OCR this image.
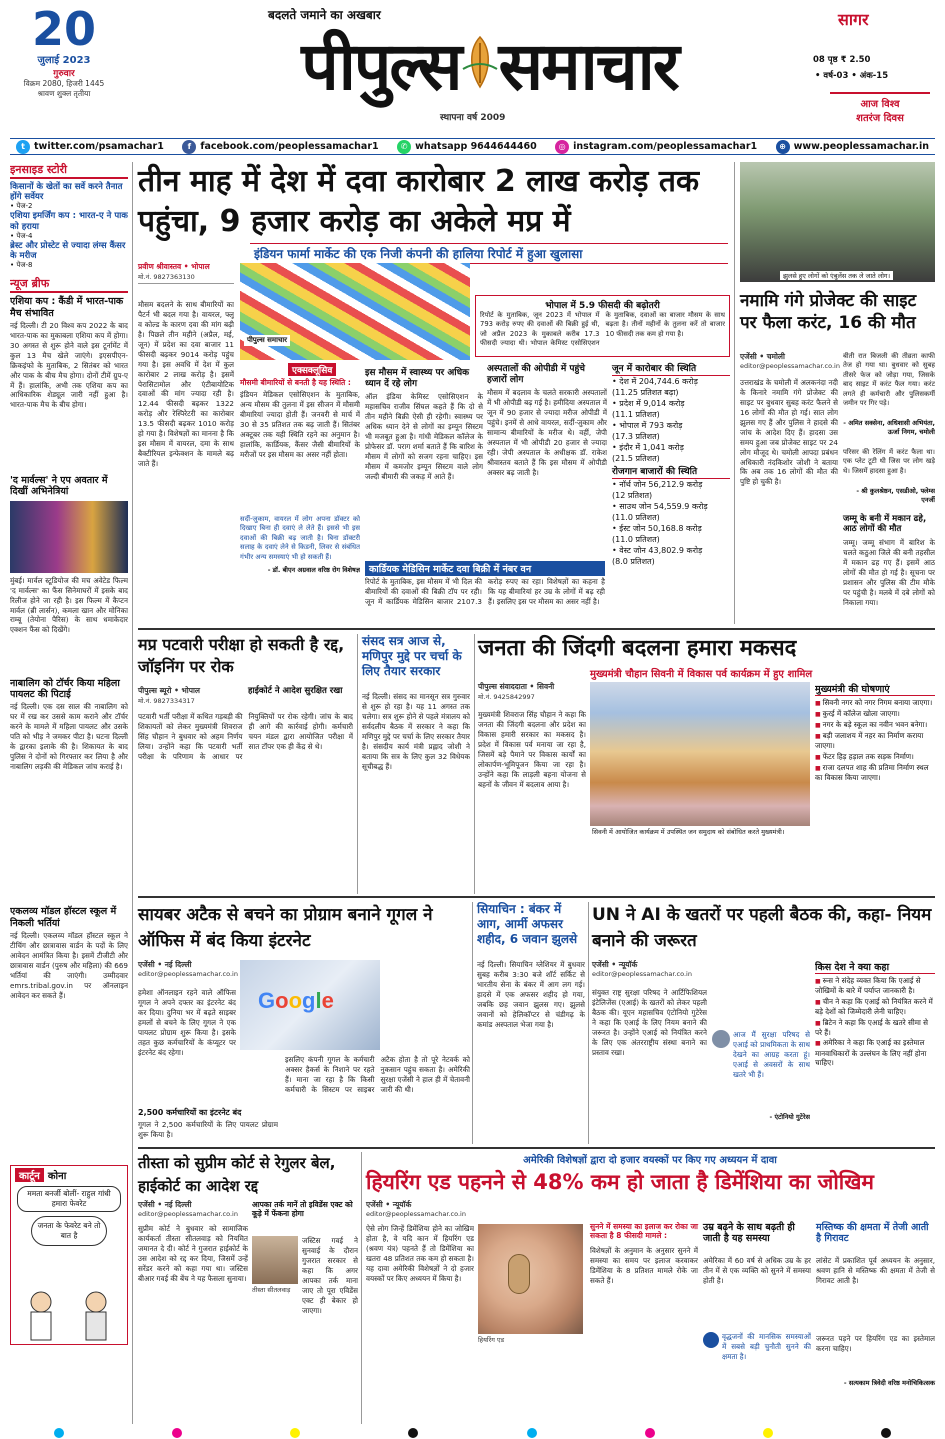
20
जुलाई 2023
गुरुवार
विक्रम 2080, हिजरी 1445
श्रावण शुक्ल तृतीया
बदलते जमाने का अखबार
पीपुल्स समाचार
स्थापना वर्ष 2009
सागर
08 पृष्ठ ₹ 2.50
• वर्ष-03 • अंक-15
आज विश्व
शतरंज दिवस
t twitter.com/psamachar1	f facebook.com/peoplessamachar1	✆ whatsapp 9644644460	◎ instagram.com/peoplessamachar1	⊕ www.peoplessamachar.in
इनसाइड स्टोरी
किसानों के खेतों का सर्वे करने तैनात होंगे सर्वेयर
• पेज-2
एशिया इमर्जिंग कप : भारत-ए ने पाक को हराया
• पेज-4
ब्रेस्ट और प्रोस्टेट से ज्यादा लंग्स कैंसर के मरीज
• पेज-8
न्यूज ब्रीफ
एशिया कप : कैंडी में भारत-पाक मैच संभावित
नई दिल्ली। टी 20 विश्व कप 2022 के बाद भारत-पाक का मुकाबला एशिया कप में होगा। 30 अगस्त से शुरू होने वाले इस टूर्नामेंट में कुल 13 मैच खेले जाएंगे। इएसपीएन-क्रिकइंफो के मुताबिक, 2 सितंबर को भारत और पाक के बीच मैच होगा। दोनों टीमें ग्रुप-ए में हैं। हालांकि, अभी तक एशिया कप का आधिकारिक शेड्यूल जारी नहीं हुआ है। भारत-पाक मैच के बीच होगा।
'द मार्वल्स' ने एप अवतार में दिखीं अभिनेत्रियां
मुंबई। मार्वल स्टूडियोज की मच अवेटेड फिल्म 'द मार्वल्स' का फैंस सिनेमाघरों में इसके बाद रिलीज होने जा रही है। इस फिल्म में कैप्टन मार्वल (ब्री लार्सन), कमला खान और मोनिका राम्बू (तेयोना पैरिस) के साथ धमाकेदार एक्शन फैंस को दिखेंगे।
नाबालिग को टॉर्चर किया महिला पायलट की पिटाई
नई दिल्ली। एक दस साल की नाबालिग को घर में रख कर उससे काम कराने और टॉर्चर करने के मामले में महिला पायलट और उसके पति को भीड़ ने जमकर पीटा है। घटना दिल्ली के द्वारका इलाके की है। शिकायत के बाद पुलिस ने दोनों को गिरफ्तार कर लिया है और नाबालिग लड़की की मेडिकल जांच कराई है।
एकलव्य मॉडल हॉस्टल स्कूल में निकली भर्तियां
नई दिल्ली। एकलव्य मॉडल हॉस्टल स्कूल ने टीचिंग और छात्रावास वार्डन के पदों के लिए आवेदन आमंत्रित किया है। इसमें टीजीटी और छात्रावास वार्डन (पुरुष और महिला) की 669 भर्तियां की जाएंगी। उम्मीदवार emrs.tribal.gov.in पर ऑनलाइन आवेदन कर सकते हैं।
कार्टून कोना
ममता बनर्जी बोलीं- राहुल गांधी हमारा फेवरेट
जनता के फेवरेट बने तो बात है
तीन माह में देश में दवा कारोबार 2 लाख करोड़ तक पहुंचा, 9 हजार करोड़ का अकेले मप्र में
इंडियन फार्मा मार्केट की एक निजी कंपनी की हालिया रिपोर्ट में हुआ खुलासा
प्रवीण श्रीवास्तव • भोपाल
मो.नं. 9827363130
मौसम बदलने के साथ बीमारियों का पैटर्न भी बदल गया है। वायरल, फ्लू व कोल्ड के कारण दवा की मांग बढ़ी है। पिछले तीन महीने (अप्रैल, मई, जून) में प्रदेश का दवा बाजार 11 फीसदी बढ़कर 9014 करोड़ पहुंच गया है। इस अवधि में देश में कुल कारोबार 2 लाख करोड़ है। इसमें पेरासिटामोल और एंटीबायोटिक दवाओं की मांग ज्यादा रही है। 12.44 फीसदी बढ़कर 1322 करोड़ और रेस्पिरेटरी का कारोबार 13.5 फीसदी बढ़कर 1010 करोड़ हो गया है। विशेषज्ञों का मानना है कि इस मौसम में वायरल, दमा के साथ बैक्टीरियल इन्फेक्शन के मामले बढ़ जाते हैं।
पीपुल्स समाचार
एक्सक्लूसिव
मौसमी बीमारियों से बनती है यह स्थिति :
इंडियन मेडिकल एसोसिएशन के मुताबिक, अन्य मौसम की तुलना में इस सीजन में मौसमी बीमारियां ज्यादा होती हैं। जनवरी से मार्च में 30 से 35 प्रतिशत तक बढ़ जाती हैं। सितंबर अक्टूबर तक यही स्थिति रहने का अनुमान है। हालांकि, कार्डियक, कैंसर जैसी बीमारियों के मरीजों पर इस मौसम का असर नहीं होता।
सर्दी-जुकाम, वायरल में लोग अपना डॉक्टर को दिखाए बिना ही दवाएं ले लेते हैं। इससे भी इस दवाओं की बिक्री बढ़ जाती है। बिना डॉक्टरी सलाह के दवाएं लेने से किडनी, लिवर से संबंधित गंभीर अन्य समस्याएं भी हो सकती हैं।
- डॉ. बीएन अग्रवाल वरिष्ठ रोग विशेषज्ञ
इस मौसम में स्वास्थ्य पर अधिक ध्यान दें रहे लोग
ऑल इंडिया केमिस्ट एसोसिएशन के महासचिव राजीव सिंघल कहते हैं कि दो से तीन महीने बिक्री ऐसी ही रहेगी। स्वास्थ्य पर अधिक ध्यान देने से लोगों का इम्यून सिस्टम भी मजबूत हुआ है। गांधी मेडिकल कॉलेज के प्रोफेसर डॉ. पराग शर्मा बताते हैं कि बारिश के मौसम में लोगों को सजग रहना चाहिए। इस मौसम में कमजोर इम्यून सिस्टम वाले लोग जल्दी बीमारी की जकड़ में आते हैं।
भोपाल में 5.9 फीसदी की बढ़ोतरी
रिपोर्ट के मुताबिक, जून 2023 में भोपाल में 793 करोड़ रुपए की दवाओं की बिक्री हुई थी, जो अप्रैल 2023 के मुकाबले करीब 17.3 फीसदी ज्यादा थी। भोपाल केमिस्ट एसोसिएशन के मुताबिक, दवाओं का बाजार मौसम के साथ बढ़ता है। तीनों महीनों के तुलना करें तो बाजार 10 फीसदी तक कम हो गया है।
अस्पतालों की ओपीडी में पहुंचे हजारों लोग
मौसम में बदलाव के चलते सरकारी अस्पतालों में भी ओपीडी बढ़ गई है। हमीदिया अस्पताल में जून में 90 हजार से ज्यादा मरीज ओपीडी में पहुंचे। इनमें से आधे वायरल, सर्दी-जुकाम और सामान्य बीमारियों के मरीज थे। वहीं, जेपी अस्पताल में भी ओपीडी 20 हजार से ज्यादा रही। जेपी अस्पताल के अधीक्षक डॉ. राकेश श्रीवास्तव बताते हैं कि इस मौसम में ओपीडी अक्सर बढ़ जाती है।
कार्डियक मेडिसिन मार्केट दवा बिक्री में नंबर वन
रिपोर्ट के मुताबिक, इस मौसम में भी दिल की बीमारियों की दवाओं की बिक्री टॉप पर रही। जून में कार्डियक मेडिसिन बाजार 2107.3 करोड़ रुपए का रहा। विशेषज्ञों का कहना है कि यह बीमारियां हर उम्र के लोगों में बढ़ रही हैं। इसलिए इस पर मौसम का असर नहीं है।
जून में कारोबार की स्थिति
• देश में 204,744.6 करोड़
(11.25 प्रतिशत बढ़ा)
• प्रदेश में 9,014 करोड़
(11.1 प्रतिशत)
• भोपाल में 793 करोड़
(17.3 प्रतिशत)
• इंदौर में 1,041 करोड़
(21.5 प्रतिशत)
रोजगान बाजारों की स्थिति
• नॉर्थ जोन 56,212.9 करोड़
(12 प्रतिशत)
• साउथ जोन 54,559.9 करोड़
(11.0 प्रतिशत)
• ईस्ट जोन 50,168.8 करोड़
(11.0 प्रतिशत)
• वेस्ट जोन 43,802.9 करोड़
(8.0 प्रतिशत)
झुलसे हुए लोगों को एंबुलेंस तक ले जाते लोग।
नमामि गंगे प्रोजेक्ट की साइट पर फैला करंट, 16 की मौत
एजेंसी • चमोली
editor@peoplessamachar.co.in
उत्तराखंड के चमोली में अलकनंदा नदी के किनारे नमामि गंगे प्रोजेक्ट की साइट पर बुधवार सुबह करंट फैलने से 16 लोगों की मौत हो गई। सात लोग झुलस गए हैं और पुलिस ने हादसे की जांच के आदेश दिए हैं। हादसा उस समय हुआ जब प्रोजेक्ट साइट पर 24 लोग मौजूद थे। चमोली आपदा प्रबंधन अधिकारी नंदकिशोर जोशी ने बताया कि अब तक 16 लोगों की मौत की पुष्टि हो चुकी है।
बीती रात बिजली की तीव्रता काफी तेज हो गया था। बुधवार को सुबह तीसरे फेज को जोड़ा गया, जिसके बाद साइट में करंट फैल गया। करंट लगते ही कर्मचारी और पुलिसकर्मी जमीन पर गिर पड़े।
- अमित सक्सेना, अधिशासी अभियंता, ऊर्जा निगम, चमोली
परिसर की रेलिंग में करंट फैला था। एक प्लेट टूटी थी जिस पर लोग खड़े थे। जिसमें हादसा हुआ है।
- श्री कुलश्रेष्ठन, एसडीओ, फ्लेम्स एनर्जी
जम्मू के बनी में मकान ढहे, आठ लोगों की मौत
जम्मू। जम्मू संभाग में बारिश के चलते कठुआ जिले की बनी तहसील में मकान ढह गए हैं। इसमें आठ लोगों की मौत हो गई है। सूचना पर प्रशासन और पुलिस की टीम मौके पर पहुंची है। मलबे में दबे लोगों को निकाला गया।
मप्र पटवारी परीक्षा हो सकती है रद्द, जॉइनिंग पर रोक
पीपुल्स ब्यूरो • भोपाल
मो.नं. 9827334317
पटवारी भर्ती परीक्षा में कथित गड़बड़ी की शिकायतों को लेकर मुख्यमंत्री शिवराज सिंह चौहान ने बुधवार को अहम निर्णय लिया। उन्होंने कहा कि पटवारी भर्ती परीक्षा के परिणाम के आधार पर नियुक्तियों पर रोक रहेगी। जांच के बाद ही आगे की कार्रवाई होगी। कर्मचारी चयन मंडल द्वारा आयोजित परीक्षा में सात टॉपर एक ही केंद्र से थे।
हाईकोर्ट ने आदेश सुरक्षित रखा
संसद सत्र आज से, मणिपुर मुद्दे पर चर्चा के लिए तैयार सरकार
नई दिल्ली। संसद का मानसून सत्र गुरुवार से शुरू हो रहा है। यह 11 अगस्त तक चलेगा। सत्र शुरू होने से पहले मंत्रालय को सर्वदलीय बैठक में सरकार ने कहा कि मणिपुर मुद्दे पर चर्चा के लिए सरकार तैयार है। संसदीय कार्य मंत्री प्रह्लाद जोशी ने बताया कि सत्र के लिए कुल 32 विधेयक सूचीबद्ध हैं।
जनता की जिंदगी बदलना हमारा मकसद
मुख्यमंत्री चौहान सिवनी में विकास पर्व कार्यक्रम में हुए शामिल
पीपुल्स संवाददाता • सिवनी
मो.नं. 9425842997
मुख्यमंत्री शिवराज सिंह चौहान ने कहा कि जनता की जिंदगी बदलना और प्रदेश का विकास हमारी सरकार का मकसद है। प्रदेश में विकास पर्व मनाया जा रहा है, जिसमें बड़े पैमाने पर विकास कार्यों का लोकार्पण-भूमिपूजन किया जा रहा है। उन्होंने कहा कि लाड़ली बहना योजना से बहनों के जीवन में बदलाव आया है।
सिवनी में आयोजित कार्यक्रम में उपस्थित जन समुदाय को संबोधित करते मुख्यमंत्री।
मुख्यमंत्री की घोषणाएं
■ सिवनी नगर को नगर निगम बनाया जाएगा।
■ कुरई में कॉलेज खोला जाएगा।
■ नगर के बड़े स्कूल का नवीन भवन बनेगा।
■ बड़ी जलाशय में नहर का निर्माण कराया जाएगा।
■ फेंटर हिड़ हड़ाल तक सड़क निर्माण।
■ राजा दलपत शाह की प्रतिमा निर्माण स्थल का विकास किया जाएगा।
सायबर अटैक से बचने का प्रोग्राम बनाने गूगल ने ऑफिस में बंद किया इंटरनेट
एजेंसी • नई दिल्ली
editor@peoplessamachar.co.in
Google
हमेशा ऑनलाइन रहने वाले ऑफिस गूगल ने अपने दफ्तर का इंटरनेट बंद कर दिया। दुनिया भर में बढ़ते साइबर हमलों से बचने के लिए गूगल ने एक पायलट प्रोग्राम शुरू किया है। इसके तहत कुछ कर्मचारियों के कंप्यूटर पर इंटरनेट बंद रहेगा।
2,500 कर्मचारियों का इंटरनेट बंद
गूगल ने 2,500 कर्मचारियों के लिए पायलट प्रोग्राम शुरू किया है।
इसलिए कंपनी गूगल के कर्मचारी अक्सर हैकर्स के निशाने पर रहते हैं। माना जा रहा है कि किसी कर्मचारी के सिस्टम पर साइबर अटैक होता है तो पूरे नेटवर्क को नुकसान पहुंच सकता है। अमेरिकी सुरक्षा एजेंसी ने हाल ही में चेतावनी जारी की थी।
सियाचिन : बंकर में आग, आर्मी अफसर शहीद, 6 जवान झुलसे
नई दिल्ली। सियाचिन ग्लेशियर में बुधवार सुबह करीब 3:30 बजे शॉर्ट सर्किट से भारतीय सेना के बंकर में आग लग गई। हादसे में एक अफसर शहीद हो गया, जबकि छह जवान झुलस गए। झुलसे जवानों को हेलिकॉप्टर से चंडीगढ़ के कमांड अस्पताल भेजा गया है।
UN ने AI के खतरों पर पहली बैठक की, कहा- नियम बनाने की जरूरत
एजेंसी • न्यूयॉर्क
editor@peoplessamachar.co.in
संयुक्त राष्ट्र सुरक्षा परिषद ने आर्टिफिशियल इंटेलिजेंस (एआई) के खतरों को लेकर पहली बैठक की। यूएन महासचिव एंटोनियो गुटेरेस ने कहा कि एआई के लिए नियम बनाने की जरूरत है। उन्होंने एआई को नियंत्रित करने के लिए एक अंतरराष्ट्रीय संस्था बनाने का प्रस्ताव रखा।
आज मैं सुरक्षा परिषद से एआई को प्राथमिकता के साथ देखने का आग्रह करता हूं। एआई से अवसरों के साथ खतरे भी हैं।
- एंटोनियो गुटेरेस
किस देश ने क्या कहा
■ रूस ने संदेह व्यक्त किया कि एआई से जोखिमों के बारे में पर्याप्त जानकारी है।
■ चीन ने कहा कि एआई को नियंत्रित करने में बड़े देशों को जिम्मेदारी लेनी चाहिए।
■ ब्रिटेन ने कहा कि एआई के खतरे सीमा से परे हैं।
■ अमेरिका ने कहा कि एआई का इस्तेमाल मानवाधिकारों के उल्लंघन के लिए नहीं होना चाहिए।
तीस्ता को सुप्रीम कोर्ट से रेगुलर बेल, हाईकोर्ट का आदेश रद्द
एजेंसी • नई दिल्ली
editor@peoplessamachar.co.in
सुप्रीम कोर्ट ने बुधवार को सामाजिक कार्यकर्ता तीस्ता सीतलवाड़ को नियमित जमानत दे दी। कोर्ट ने गुजरात हाईकोर्ट के उस आदेश को रद्द कर दिया, जिसमें उन्हें सरेंडर करने को कहा गया था। जस्टिस बीआर गवई की बेंच ने यह फैसला सुनाया।
आपका तर्क मानें तो इविडेंस एक्ट को कूड़े में फेंकना होगा
तीस्ता सीतलवाड़
जस्टिस गवई ने सुनवाई के दौरान गुजरात सरकार से कहा कि अगर आपका तर्क माना जाए तो पूरा एविडेंस एक्ट ही बेकार हो जाएगा।
अमेरिकी विशेषज्ञों द्वारा दो हजार वयस्कों पर किए गए अध्ययन में दावा
हियरिंग एड पहनने से 48% कम हो जाता है डिमेंशिया का जोखिम
एजेंसी • न्यूयॉर्क
editor@peoplessamachar.co.in
ऐसे लोग जिन्हें डिमेंशिया होने का जोखिम होता है, वे यदि कान में हियरिंग एड (श्रवण यंत्र) पहनते हैं तो डिमेंशिया का खतरा 48 प्रतिशत तक कम हो सकता है। यह दावा अमेरिकी विशेषज्ञों ने दो हजार वयस्कों पर किए अध्ययन में किया है।
हियरिंग एड
सुनने में समस्या का इलाज कर रोका जा सकता है 8 फीसदी मामले :
विशेषज्ञों के अनुमान के अनुसार सुनने में समस्या का समय पर इलाज करवाकर डिमेंशिया के 8 प्रतिशत मामले रोके जा सकते हैं।
उम्र बढ़ने के साथ बढ़ती ही जाती है यह समस्या
अमेरिका में 60 वर्ष से अधिक उम्र के हर तीन में से एक व्यक्ति को सुनने में समस्या होती है।
वृद्धजनों की मानसिक समस्याओं में सबसे बड़ी चुनौती सुनने की क्षमता है।
मस्तिष्क की क्षमता में तेजी आती है गिरावट
लांसेट में प्रकाशित पूर्व अध्ययन के अनुसार, श्रवण हानि से मस्तिष्क की क्षमता में तेजी से गिरावट आती है।
जरूरत पड़ने पर हियरिंग एड का इस्तेमाल करना चाहिए।
- सत्यकाम त्रिवेदी वरिष्ठ मनोचिकित्सक
